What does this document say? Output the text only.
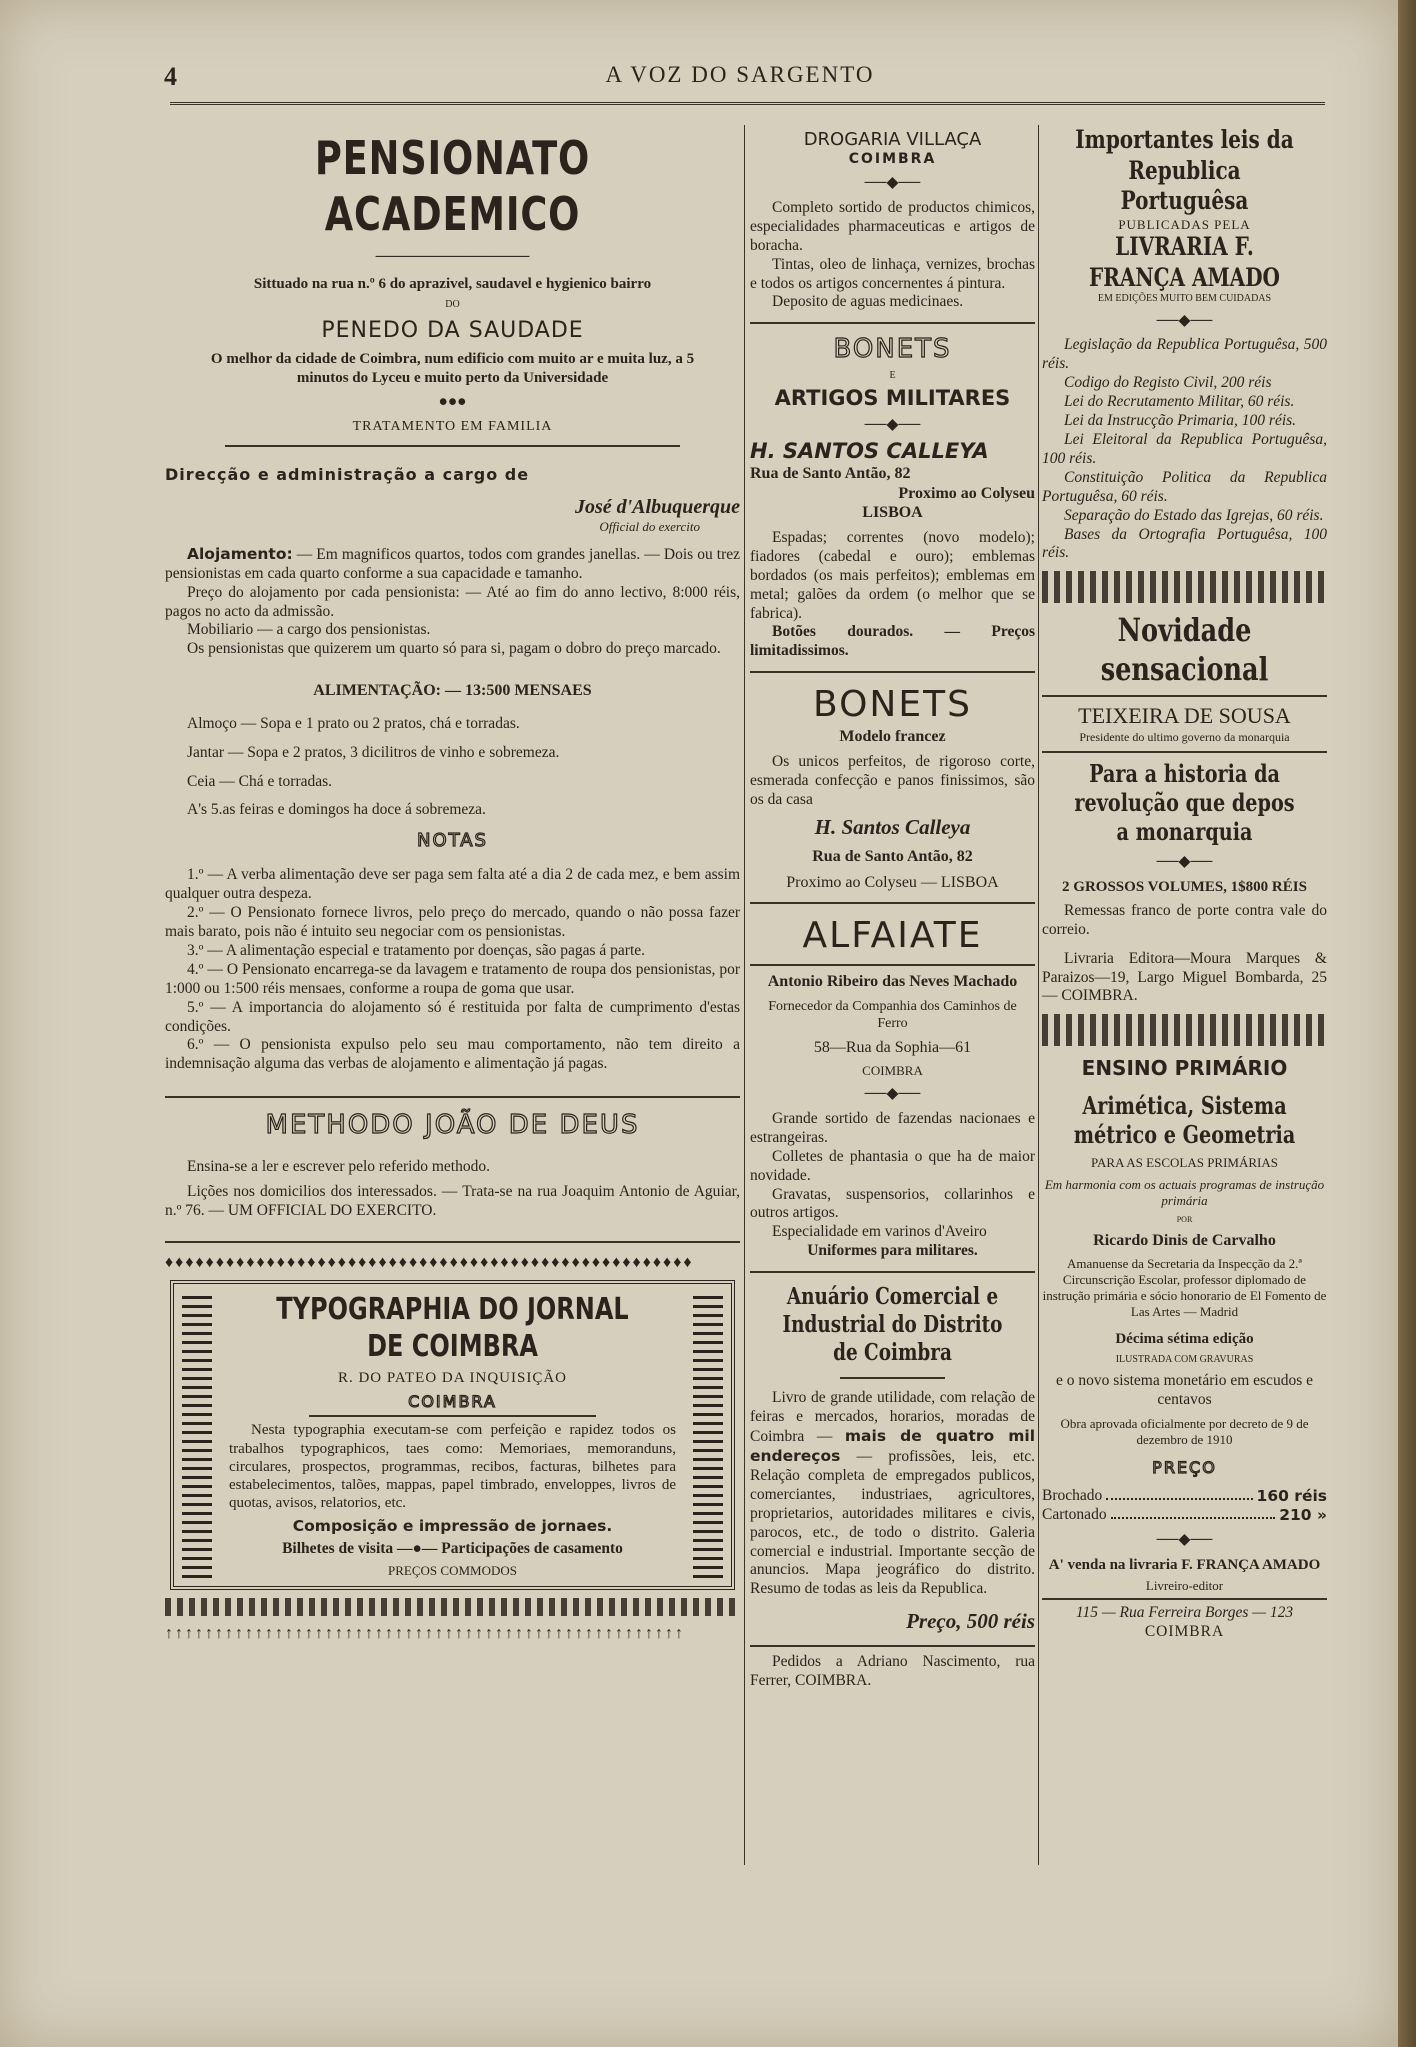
4	A VOZ DO SARGENTO
PENSIONATO ACADEMICO
──────────────

Sittuado na rua n.º 6 do aprazivel, saudavel e hygienico bairro

DO

PENEDO DA SAUDADE

O melhor da cidade de Coimbra, num edificio com muito ar e muita luz, a 5 minutos do Lyceu e muito perto da Universidade

●●●

TRATAMENTO EM FAMILIA

Direcção e administração a cargo de

José d'Albuquerque

Official do exercito

Alojamento: — Em magnificos quartos, todos com grandes janellas. — Dois ou trez pensionistas em cada quarto conforme a sua capacidade e tamanho.

Preço do alojamento por cada pensionista: — Até ao fim do anno lectivo, 8:000 réis, pagos no acto da admissão.

Mobiliario — a cargo dos pensionistas.

Os pensionistas que quizerem um quarto só para si, pagam o dobro do preço marcado.

ALIMENTAÇÃO: — 13:500 MENSAES

Almoço — Sopa e 1 prato ou 2 pratos, chá e torradas.

Jantar — Sopa e 2 pratos, 3 dicilitros de vinho e sobremeza.

Ceia — Chá e torradas.

A's 5.as feiras e domingos ha doce á sobremeza.

NOTAS

1.º — A verba alimentação deve ser paga sem falta até a dia 2 de cada mez, e bem assim qualquer outra despeza.

2.º — O Pensionato fornece livros, pelo preço do mercado, quando o não possa fazer mais barato, pois não é intuito seu negociar com os pensionistas.

3.º — A alimentação especial e tratamento por doenças, são pagas á parte.

4.º — O Pensionato encarrega-se da lavagem e tratamento de roupa dos pensionistas, por 1:000 ou 1:500 réis mensaes, conforme a roupa de goma que usar.

5.º — A importancia do alojamento só é restituida por falta de cumprimento d'estas condições.

6.º — O pensionista expulso pelo seu mau comportamento, não tem direito a indemnisação alguma das verbas de alojamento e alimentação já pagas.

METHODO JOÃO DE DEUS

Ensina-se a ler e escrever pelo referido methodo.

Lições nos domicilios dos interessados. — Trata-se na rua Joaquim Antonio de Aguiar, n.º 76. — UM OFFICIAL DO EXERCITO.

♦♦♦♦♦♦♦♦♦♦♦♦♦♦♦♦♦♦♦♦♦♦♦♦♦♦♦♦♦♦♦♦♦♦♦♦♦♦♦♦♦♦♦♦♦♦♦♦♦♦♦♦

TYPOGRAPHIA DO JORNAL DE COIMBRA

R. DO PATEO DA INQUISIÇÃO

COIMBRA

Nesta typographia executam-se com perfeição e rapidez todos os trabalhos typographicos, taes como: Memoriaes, memoranduns, circulares, prospectos, programmas, recibos, facturas, bilhetes para estabelecimentos, talões, mappas, papel timbrado, enveloppes, livros de quotas, avisos, relatorios, etc.

Composição e impressão de jornaes.

Bilhetes de visita —●— Participações de casamento

PREÇOS COMMODOS

↑↑↑↑↑↑↑↑↑↑↑↑↑↑↑↑↑↑↑↑↑↑↑↑↑↑↑↑↑↑↑↑↑↑↑↑↑↑↑↑↑↑↑↑↑↑↑↑↑↑↑↑

DROGARIA VILLAÇA

COIMBRA

──◆──

Completo sortido de productos chimicos, especialidades pharmaceuticas e artigos de boracha.

Tintas, oleo de linhaça, vernizes, brochas e todos os artigos concernentes á pintura.

Deposito de aguas medicinaes.

BONETS

E

ARTIGOS MILITARES

──◆──

H. SANTOS CALLEYA

Rua de Santo Antão, 82

Proximo ao Colyseu

LISBOA

Espadas; correntes (novo modelo); fiadores (cabedal e ouro); emblemas bordados (os mais perfeitos); emblemas em metal; galões da ordem (o melhor que se fabrica).

Botões dourados. — Preços limitadissimos.

BONETS

Modelo francez

Os unicos perfeitos, de rigoroso corte, esmerada confecção e panos finissimos, são os da casa

H. Santos Calleya

Rua de Santo Antão, 82

Proximo ao Colyseu — LISBOA

ALFAIATE

Antonio Ribeiro das Neves Machado

Fornecedor da Companhia dos Caminhos de Ferro

58—Rua da Sophia—61

COIMBRA

──◆──

Grande sortido de fazendas nacionaes e estrangeiras.

Colletes de phantasia o que ha de maior novidade.

Gravatas, suspensorios, collarinhos e outros artigos.

Especialidade em varinos d'Aveiro

Uniformes para militares.

Anuário Comercial e Industrial do Distrito de Coimbra

Livro de grande utilidade, com relação de feiras e mercados, horarios, moradas de Coimbra — mais de quatro mil endereços — profissões, leis, etc. Relação completa de empregados publicos, comerciantes, industriaes, agricultores, proprietarios, autoridades militares e civis, parocos, etc., de todo o distrito. Galeria comercial e industrial. Importante secção de anuncios. Mapa jeográfico do distrito. Resumo de todas as leis da Republica.

Preço, 500 réis

Pedidos a Adriano Nascimento, rua Ferrer, COIMBRA.

Importantes leis da Republica Portuguêsa

PUBLICADAS PELA

LIVRARIA F. FRANÇA AMADO

EM EDIÇÕES MUITO BEM CUIDADAS

──◆──

Legislação da Republica Portuguêsa, 500 réis.

Codigo do Registo Civil, 200 réis

Lei do Recrutamento Militar, 60 réis.

Lei da Instrucção Primaria, 100 réis.

Lei Eleitoral da Republica Portuguêsa, 100 réis.

Constituição Politica da Republica Portuguêsa, 60 réis.

Separação do Estado das Igrejas, 60 réis.

Bases da Ortografia Portuguêsa, 100 réis.

Novidade sensacional

TEIXEIRA DE SOUSA

Presidente do ultimo governo da monarquia

Para a historia da revolução que depos a monarquia

──◆──

2 GROSSOS VOLUMES, 1$800 RÉIS

Remessas franco de porte contra vale do correio.

Livraria Editora—Moura Marques & Paraizos—19, Largo Miguel Bombarda, 25 — COIMBRA.

ENSINO PRIMÁRIO

Arimética, Sistema métrico e Geometria

PARA AS ESCOLAS PRIMÁRIAS

Em harmonia com os actuais programas de instrução primária

POR

Ricardo Dinis de Carvalho

Amanuense da Secretaria da Inspecção da 2.ª Circunscrição Escolar, professor diplomado de instrução primária e sócio honorario de El Fomento de Las Artes — Madrid

Décima sétima edição

ILUSTRADA COM GRAVURAS

e o novo sistema monetário em escudos e centavos

Obra aprovada oficialmente por decreto de 9 de dezembro de 1910

PREÇO

Brochado	160 réis
Cartonado	210 »

──◆──

A' venda na livraria F. FRANÇA AMADO

Livreiro-editor

115 — Rua Ferreira Borges — 123

COIMBRA
